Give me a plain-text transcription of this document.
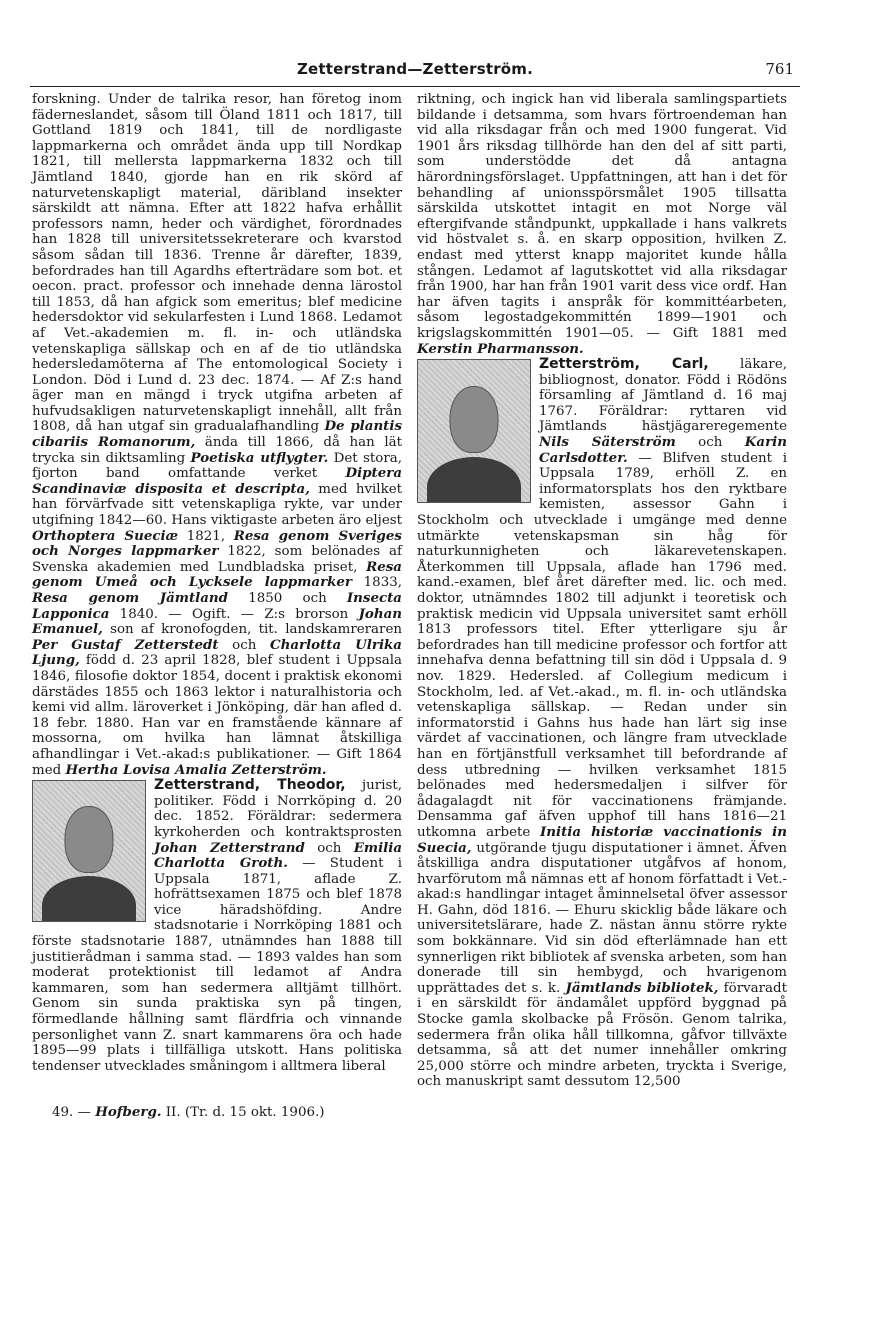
Zetterstrand—Zetterström.	761

forskning. Under de talrika resor, han företog inom fäderneslandet, såsom till Öland 1811 och 1817, till Gottland 1819 och 1841, till de nordligaste lappmarkerna och området ända upp till Nordkap 1821, till mellersta lappmarkerna 1832 och till Jämtland 1840, gjorde han en rik skörd af naturvetenskapligt material, däribland insekter särskildt att nämna. Efter att 1822 hafva erhållit professors namn, heder och värdighet, förordnades han 1828 till universitetssekreterare och kvarstod såsom sådan till 1836. Trenne år därefter, 1839, befordrades han till Agardhs efterträdare som bot. et oecon. pract. professor och innehade denna lärostol till 1853, då han afgick som emeritus; blef medicine hedersdoktor vid sekularfesten i Lund 1868. Ledamot af Vet.-akademien m. fl. in- och utländska vetenskapliga sällskap och en af de tio utländska hedersledamöterna af The entomological Society i London. Död i Lund d. 23 dec. 1874. — Af Z:s hand äger man en mängd i tryck utgifna arbeten af hufvudsakligen naturvetenskapligt innehåll, allt från 1808, då han utgaf sin gradualafhandling De plantis cibariis Romanorum, ända till 1866, då han lät trycka sin diktsamling Poetiska utflygter. Det stora, fjorton band omfattande verket Diptera Scandinaviæ disposita et descripta, med hvilket han förvärfvade sitt vetenskapliga rykte, var under utgifning 1842—60. Hans viktigaste arbeten äro eljest Orthoptera Sueciæ 1821, Resa genom Sveriges och Norges lappmarker 1822, som belönades af Svenska akademien med Lundbladska priset, Resa genom Umeå och Lycksele lappmarker 1833, Resa genom Jämtland 1850 och Insecta Lapponica 1840. — Ogift. — Z:s brorson Johan Emanuel, son af kronofogden, tit. landskamreraren Per Gustaf Zetterstedt och Charlotta Ulrika Ljung, född d. 23 april 1828, blef student i Uppsala 1846, filosofie doktor 1854, docent i praktisk ekonomi därstädes 1855 och 1863 lektor i naturalhistoria och kemi vid allm. läroverket i Jönköping, där han afled d. 18 febr. 1880. Han var en framstående kännare af mossorna, om hvilka han lämnat åtskilliga afhandlingar i Vet.-akad:s publikationer. — Gift 1864 med Hertha Lovisa Amalia Zetterström.

Zetterstrand, Theodor, jurist, politiker. Född i Norrköping d. 20 dec. 1852. Föräldrar: sedermera kyrkoherden och kontraktsprosten Johan Zetterstrand och Emilia Charlotta Groth. — Student i Uppsala 1871, aflade Z. hofrättsexamen 1875 och blef 1878 vice häradshöfding. Andre stadsnotarie i Norrköping 1881 och förste stadsnotarie 1887, utnämndes han 1888 till justitierådman i samma stad. — 1893 valdes han som moderat protektionist till ledamot af Andra kammaren, som han sedermera alltjämt tillhört. Genom sin sunda praktiska syn på tingen, förmedlande hållning samt flärdfria och vinnande personlighet vann Z. snart kammarens öra och hade 1895—99 plats i tillfälliga utskott. Hans politiska tendenser utvecklades småningom i alltmera liberal

riktning, och ingick han vid liberala samlingspartiets bildande i detsamma, som hvars förtroendeman han vid alla riksdagar från och med 1900 fungerat. Vid 1901 års riksdag tillhörde han den del af sitt parti, som understödde det då antagna härordningsförslaget. Uppfattningen, att han i det för behandling af unionsspörsmålet 1905 tillsatta särskilda utskottet intagit en mot Norge väl eftergifvande ståndpunkt, uppkallade i hans valkrets vid höstvalet s. å. en skarp opposition, hvilken Z. endast med ytterst knapp majoritet kunde hålla stången. Ledamot af lagutskottet vid alla riksdagar från 1900, har han från 1901 varit dess vice ordf. Han har äfven tagits i anspråk för kommittéarbeten, såsom legostadgekommittén 1899—1901 och krigslagskommittén 1901—05. — Gift 1881 med Kerstin Pharmansson.

Zetterström, Carl,
läkare, bibliognost, donator. Född i Rödöns församling af Jämtland d. 16 maj 1767. Föräldrar: ryttaren vid Jämtlands hästjägareregemente Nils Säterström och Karin Carlsdotter. — Blifven student i Uppsala 1789, erhöll Z. en informatorsplats hos den ryktbare kemisten, assessor Gahn i Stockholm och utvecklade i umgänge med denne utmärkte vetenskapsman sin håg för naturkunnigheten och läkarevetenskapen. Återkommen till Uppsala, aflade han 1796 med. kand.-examen, blef året därefter med. lic. och med. doktor, utnämndes 1802 till adjunkt i teoretisk och praktisk medicin vid Uppsala universitet samt erhöll 1813 professors titel. Efter ytterligare sju år befordrades han till medicine professor och fortfor att innehafva denna befattning till sin död i Uppsala d. 9 nov. 1829. Hedersled. af Collegium medicum i Stockholm, led. af Vet.-akad., m. fl. in- och utländska vetenskapliga sällskap. — Redan under sin informatorstid i Gahns hus hade han lärt sig inse värdet af vaccinationen, och längre fram utvecklade han en förtjänstfull verksamhet till befordrande af dess utbredning — hvilken verksamhet 1815 belönades med hedersmedaljen i silfver för ådagalagdt nit för vaccinationens främjande. Densamma gaf äfven upphof till hans 1816—21 utkomna arbete Initia historiæ vaccinationis in Suecia, utgörande tjugu disputationer i ämnet. Äfven åtskilliga andra disputationer utgåfvos af honom, hvarförutom må nämnas ett af honom författadt i Vet.-akad:s handlingar intaget åminnelsetal öfver assessor H. Gahn, död 1816. — Ehuru skicklig både läkare och universitetslärare, hade Z. nästan ännu större rykte som bokkännare. Vid sin död efterlämnade han ett synnerligen rikt bibliotek af svenska arbeten, som han donerade till sin hembygd, och hvarigenom upprättades det s. k. Jämtlands bibliotek, förvaradt i en särskildt för ändamålet uppförd byggnad på Stocke gamla skolbacke på Frösön. Genom talrika, sedermera från olika håll tillkomna, gåfvor tillväxte detsamma, så att det numer innehåller omkring 25,000 större och mindre arbeten, tryckta i Sverige, och manuskript samt dessutom 12,500

49. — Hofberg. II. (Tr. d. 15 okt. 1906.)
